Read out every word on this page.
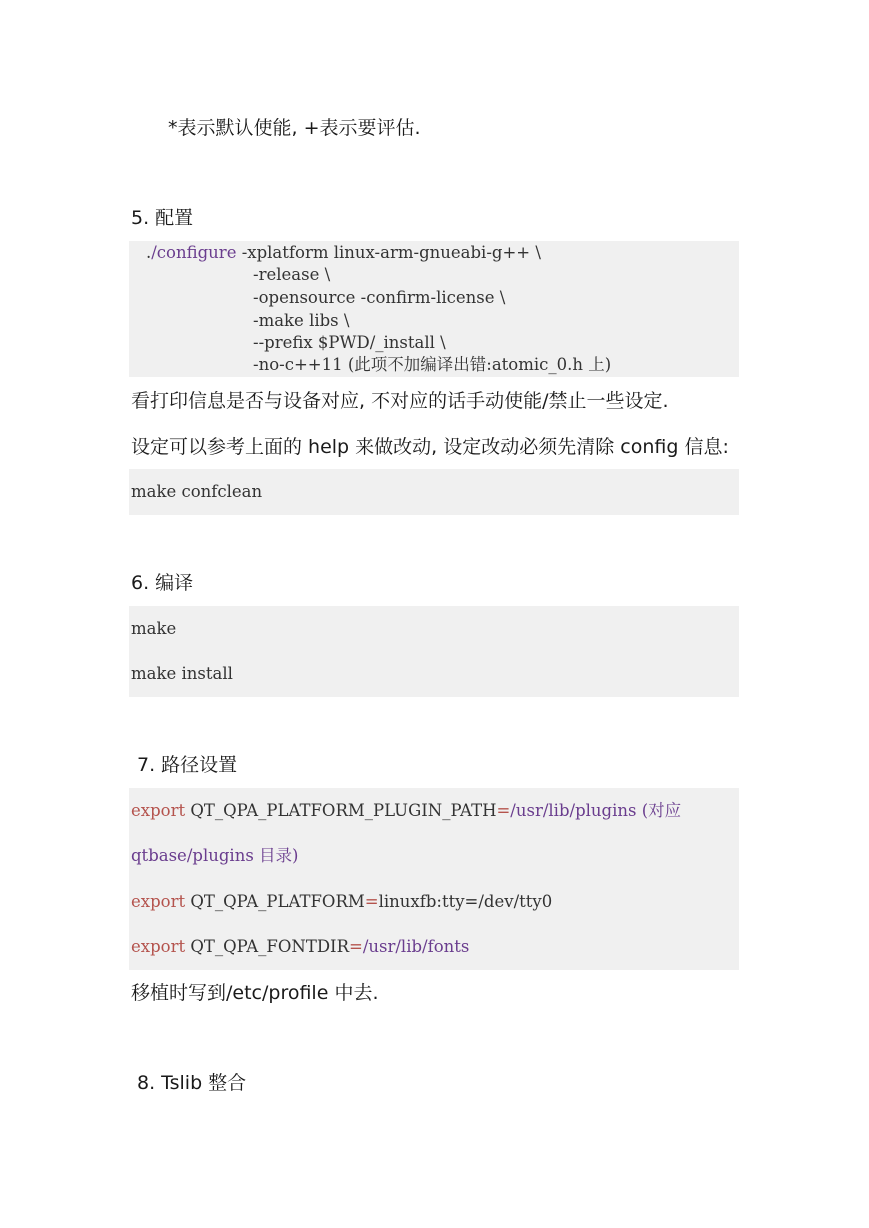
*表示默认使能, +表示要评估.
5. 配置
./configure -xplatform linux-arm-gnueabi-g++ \
-release \
-opensource -confirm-license \
-make libs \
--prefix $PWD/_install \
-no-c++11 (此项不加编译出错:atomic_0.h 上)
看打印信息是否与设备对应, 不对应的话手动使能/禁止一些设定.
设定可以参考上面的 help 来做改动, 设定改动必须先清除 config 信息:
make confclean
6. 编译
make
make install
7. 路径设置
export QT_QPA_PLATFORM_PLUGIN_PATH=/usr/lib/plugins (对应
qtbase/plugins 目录)
export QT_QPA_PLATFORM=linuxfb:tty=/dev/tty0
export QT_QPA_FONTDIR=/usr/lib/fonts
移植时写到/etc/profile 中去.
8. Tslib 整合
